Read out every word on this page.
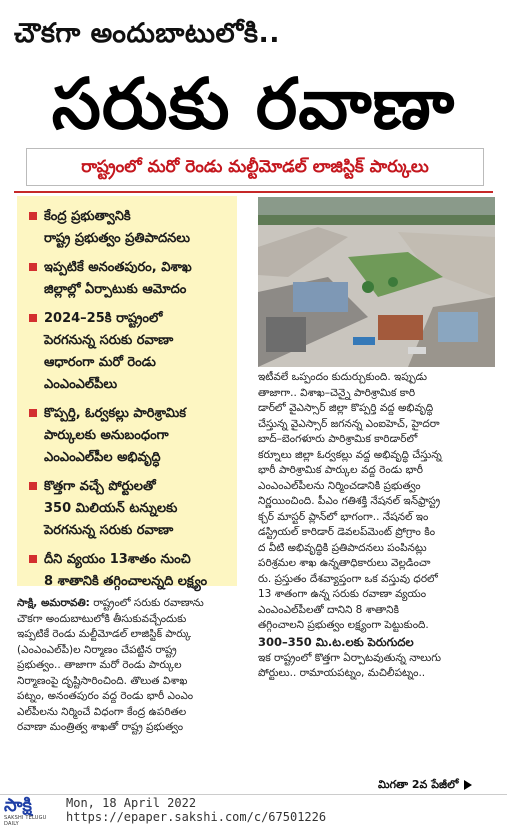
చౌకగా అందుబాటులోకి..
సరుకు రవాణా
రాష్ట్రంలో మరో రెండు మల్టీమోడల్ లాజిస్టిక్ పార్కులు
కేంద్ర ప్రభుత్వానికి
రాష్ట్ర ప్రభుత్వం ప్రతిపాదనలు
ఇప్పటికే అనంతపురం, విశాఖ
జిల్లాల్లో ఏర్పాటుకు ఆమోదం
2024–25కి రాష్ట్రంలో
పెరగనున్న సరుకు రవాణా
ఆధారంగా మరో రెండు
ఎంఎంఎల్‌పీలు
కొప్పర్తి, ఓర్వకల్లు పారిశ్రామిక
పార్కులకు అనుబంధంగా
ఎంఎంఎల్‌పీల అభివృద్ధి
కొత్తగా వచ్చే పోర్టులతో
350 మిలియన్ టన్నులకు
పెరగనున్న సరుకు రవాణా
దీని వ్యయం 13శాతం నుంచి
8 శాతానికి తగ్గించాలన్నది లక్ష్యం
ఇటీవలే ఒప్పందం కుదుర్చుకుంది. ఇప్పుడు
తాజాగా.. విశాఖ–చెన్నై పారిశ్రామిక కారి
డార్‌లో వైఎస్సార్ జిల్లా కొప్పర్తి వద్ద అభివృద్ధి
చేస్తున్న వైఎస్సార్ జగనన్న ఎంఐహెచ్, హైదరా
బాద్–బెంగళూరు పారిశ్రామిక కారిడార్‌లో
కర్నూలు జిల్లా ఓర్వకల్లు వద్ద అభివృద్ధి చేస్తున్న
భారీ పారిశ్రామిక పార్కుల వద్ద రెండు భారీ
ఎంఎంఎల్‌పీలను నిర్మించడానికి ప్రభుత్వం
నిర్ణయించింది. పీఎం గతిశక్తి నేషనల్ ఇన్‌ఫ్రాస్ట్ర
క్చర్ మాస్టర్ ప్లాన్‌లో భాగంగా.. నేషనల్ ఇం
డస్ట్రియల్ కారిడార్ డెవలప్‌మెంట్ ప్రోగ్రాం కిం
ద వీటి అభివృద్ధికి ప్రతిపాదనలు పంపినట్లు
పరిశ్రమల శాఖ ఉన్నతాధికారులు వెల్లడించా
రు. ప్రస్తుతం దేశవ్యాప్తంగా ఒక వస్తువు ధరలో
13 శాతంగా ఉన్న సరుకు రవాణా వ్యయం
ఎంఎంఎల్‌పీలతో దానిని 8 శాతానికి
తగ్గించాలని ప్రభుత్వం లక్ష్యంగా పెట్టుకుంది.
సాక్షి, అమరావతి: రాష్ట్రంలో సరుకు రవాణాను
చౌకగా అందుబాటులోకి తీసుకువచ్చేందుకు
ఇప్పటికే రెండు మల్టీమోడల్ లాజిస్టిక్ పార్కు
(ఎంఎంఎల్‌పీ)ల నిర్మాణం చేపట్టిన రాష్ట్ర
ప్రభుత్వం.. తాజాగా మరో రెండు పార్కుల
నిర్మాణంపై దృష్టిసారించింది. తొలుత విశాఖ
పట్నం, అనంతపురం వద్ద రెండు భారీ ఎంఎం
ఎల్‌పీలను నిర్మించే విధంగా కేంద్ర ఉపరితల
రవాణా మంత్రిత్వ శాఖతో రాష్ట్ర ప్రభుత్వం
300–350 మి.ట.లకు పెరుగుదల
ఇక రాష్ట్రంలో కొత్తగా ఏర్పాటవుతున్న నాలుగు
పోర్టులు.. రామాయపట్నం, మచిలీపట్నం..
మిగతా 2వ పేజీలో
సాక్షి
SAKSHI TELUGU DAILY
Mon, 18 April 2022
https://epaper.sakshi.com/c/67501226
